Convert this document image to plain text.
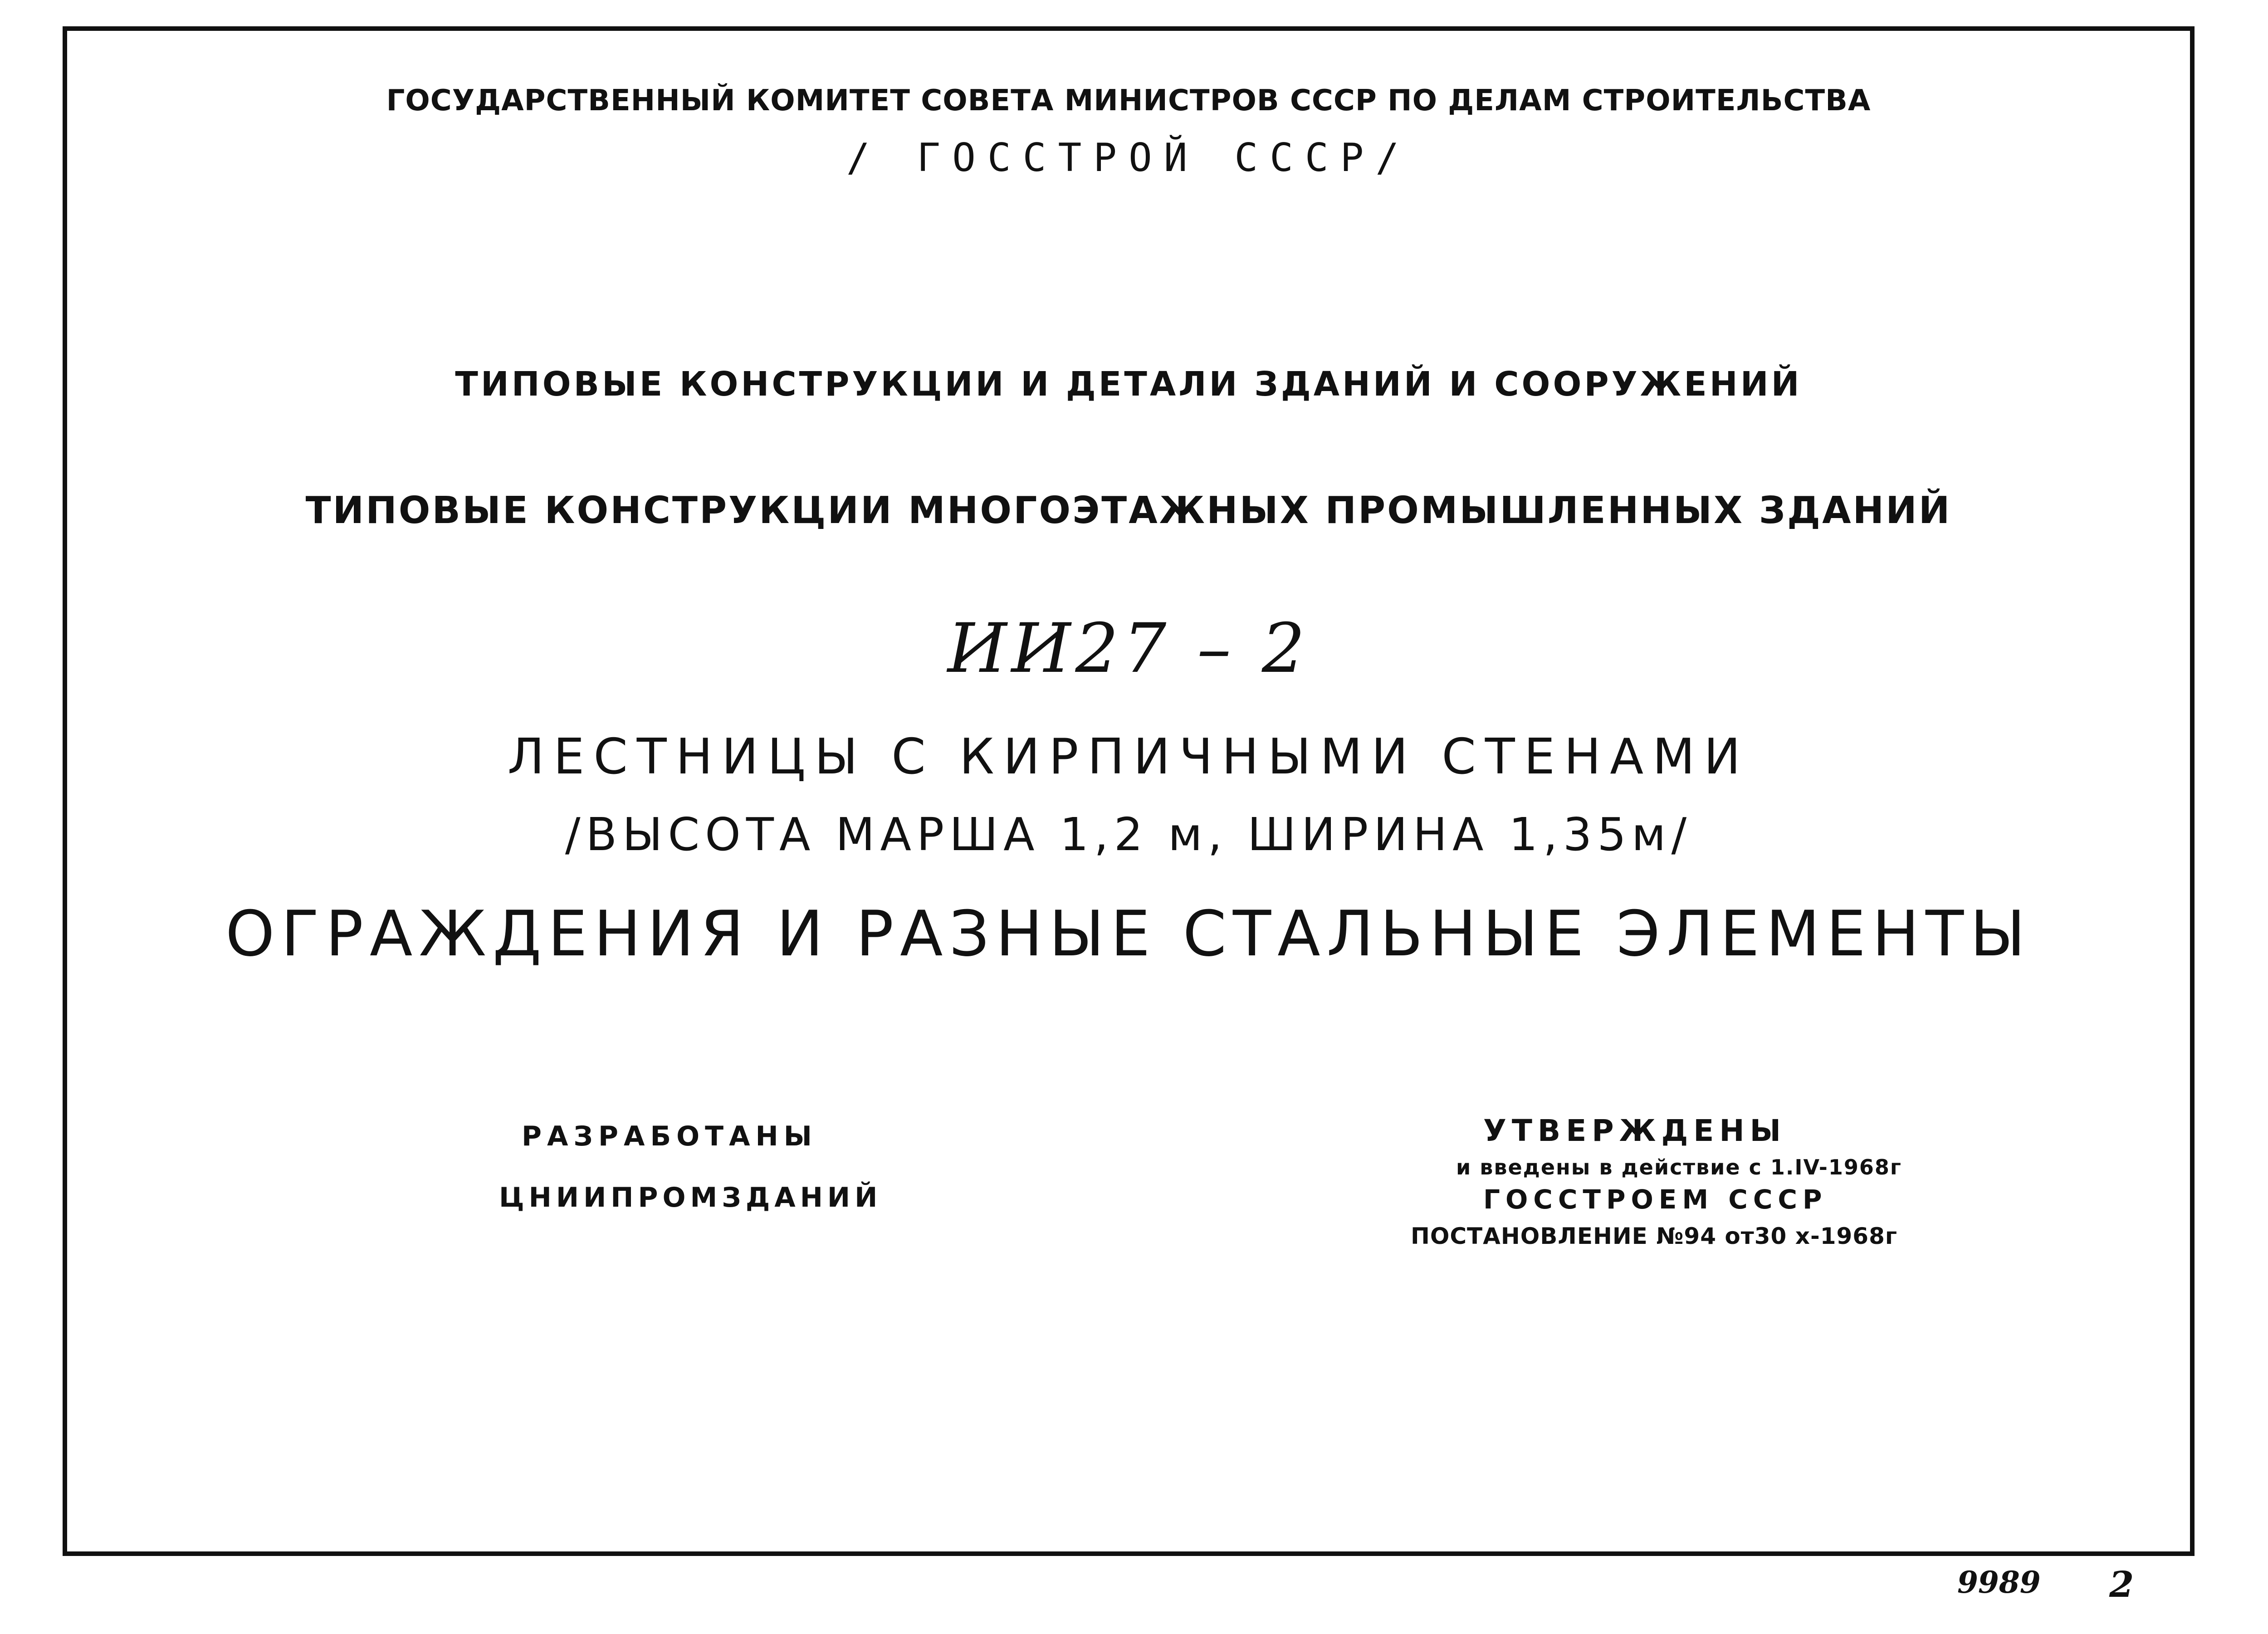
ГОСУДАРСТВЕННЫЙ КОМИТЕТ СОВЕТА МИНИСТРОВ СССР ПО ДЕЛАМ СТРОИТЕЛЬСТВА
/ ГОССТРОЙ СССР/
ТИПОВЫЕ КОНСТРУКЦИИ И ДЕТАЛИ ЗДАНИЙ И СООРУЖЕНИЙ
ТИПОВЫЕ КОНСТРУКЦИИ МНОГОЭТАЖНЫХ ПРОМЫШЛЕННЫХ ЗДАНИЙ
ИИ27 – 2
ЛЕСТНИЦЫ С КИРПИЧНЫМИ СТЕНАМИ
/ВЫСОТА МАРША 1,2 м, ШИРИНА 1,35м/
ОГРАЖДЕНИЯ И РАЗНЫЕ СТАЛЬНЫЕ ЭЛЕМЕНТЫ
РАЗРАБОТАНЫ
ЦНИИПРОМЗДАНИЙ
УТВЕРЖДЕНЫ
и введены в действие с 1.IV-1968г
ГОССТРОЕМ СССР
ПОСТАНОВЛЕНИЕ №94 от30 х-1968г
9989 2
